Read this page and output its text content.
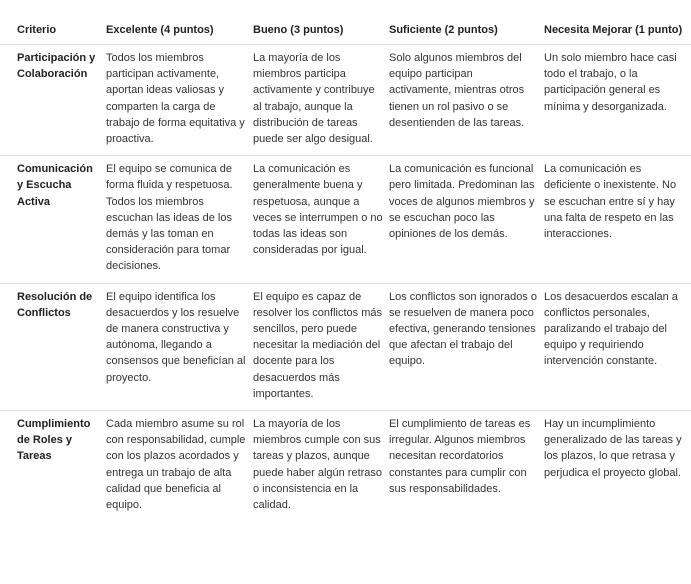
Criterio	Excelente (4 puntos)	Bueno (3 puntos)	Suficiente (2 puntos)	Necesita Mejorar (1 punto)
Participación y Colaboración	Todos los miembros participan activamente, aportan ideas valiosas y comparten la carga de trabajo de forma equitativa y proactiva.	La mayoría de los miembros participa activamente y contribuye al trabajo, aunque la distribución de tareas puede ser algo desigual.	Solo algunos miembros del equipo participan activamente, mientras otros tienen un rol pasivo o se desentienden de las tareas.	Un solo miembro hace casi todo el trabajo, o la participación general es mínima y desorganizada.
Comunicación y Escucha Activa	El equipo se comunica de forma fluida y respetuosa. Todos los miembros escuchan las ideas de los demás y las toman en consideración para tomar decisiones.	La comunicación es generalmente buena y respetuosa, aunque a veces se interrumpen o no todas las ideas son consideradas por igual.	La comunicación es funcional pero limitada. Predominan las voces de algunos miembros y se escuchan poco las opiniones de los demás.	La comunicación es deficiente o inexistente. No se escuchan entre sí y hay una falta de respeto en las interacciones.
Resolución de Conflictos	El equipo identifica los desacuerdos y los resuelve de manera constructiva y autónoma, llegando a consensos que beneficían al proyecto.	El equipo es capaz de resolver los conflictos más sencillos, pero puede necesitar la mediación del docente para los desacuerdos más importantes.	Los conflictos son ignorados o se resuelven de manera poco efectiva, generando tensiones que afectan el trabajo del equipo.	Los desacuerdos escalan a conflictos personales, paralizando el trabajo del equipo y requiriendo intervención constante.
Cumplimiento de Roles y Tareas	Cada miembro asume su rol con responsabilidad, cumple con los plazos acordados y entrega un trabajo de alta calidad que beneficia al equipo.	La mayoría de los miembros cumple con sus tareas y plazos, aunque puede haber algún retraso o inconsistencia en la calidad.	El cumplimiento de tareas es irregular. Algunos miembros necesitan recordatorios constantes para cumplir con sus responsabilidades.	Hay un incumplimiento generalizado de las tareas y los plazos, lo que retrasa y perjudica el proyecto global.
